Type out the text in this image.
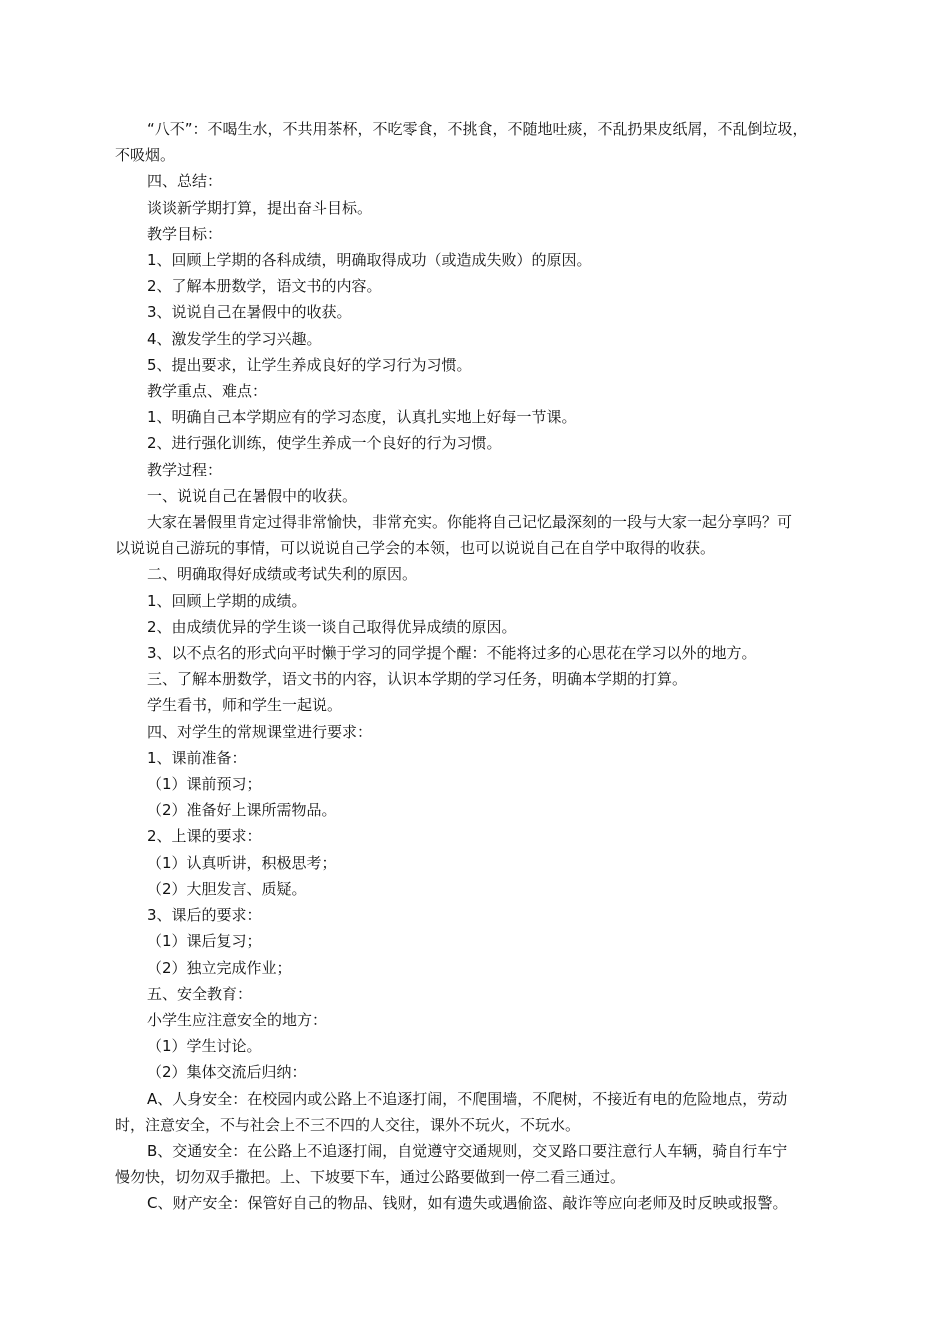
“八不”：不喝生水，不共用茶杯，不吃零食，不挑食，不随地吐痰，不乱扔果皮纸屑，不乱倒垃圾，
不吸烟。
四、总结：
谈谈新学期打算，提出奋斗目标。
教学目标：
1、回顾上学期的各科成绩，明确取得成功（或造成失败）的原因。
2、了解本册数学，语文书的内容。
3、说说自己在暑假中的收获。
4、激发学生的学习兴趣。
5、提出要求，让学生养成良好的学习行为习惯。
教学重点、难点：
1、明确自己本学期应有的学习态度，认真扎实地上好每一节课。
2、进行强化训练，使学生养成一个良好的行为习惯。
教学过程：
一、说说自己在暑假中的收获。
大家在暑假里肯定过得非常愉快，非常充实。你能将自己记忆最深刻的一段与大家一起分享吗？可
以说说自己游玩的事情，可以说说自己学会的本领，也可以说说自己在自学中取得的收获。
二、明确取得好成绩或考试失利的原因。
1、回顾上学期的成绩。
2、由成绩优异的学生谈一谈自己取得优异成绩的原因。
3、以不点名的形式向平时懒于学习的同学提个醒：不能将过多的心思花在学习以外的地方。
三、了解本册数学，语文书的内容，认识本学期的学习任务，明确本学期的打算。
学生看书，师和学生一起说。
四、对学生的常规课堂进行要求：
1、课前准备：
（1）课前预习；
（2）准备好上课所需物品。
2、上课的要求：
（1）认真听讲，积极思考；
（2）大胆发言、质疑。
3、课后的要求：
（1）课后复习；
（2）独立完成作业；
五、安全教育：
小学生应注意安全的地方：
（1）学生讨论。
（2）集体交流后归纳：
A、人身安全：在校园内或公路上不追逐打闹，不爬围墙，不爬树，不接近有电的危险地点，劳动
时，注意安全，不与社会上不三不四的人交往，课外不玩火，不玩水。
B、交通安全：在公路上不追逐打闹，自觉遵守交通规则，交叉路口要注意行人车辆，骑自行车宁
慢勿快，切勿双手撒把。上、下坡要下车，通过公路要做到一停二看三通过。
C、财产安全：保管好自己的物品、钱财，如有遗失或遇偷盗、敲诈等应向老师及时反映或报警。
